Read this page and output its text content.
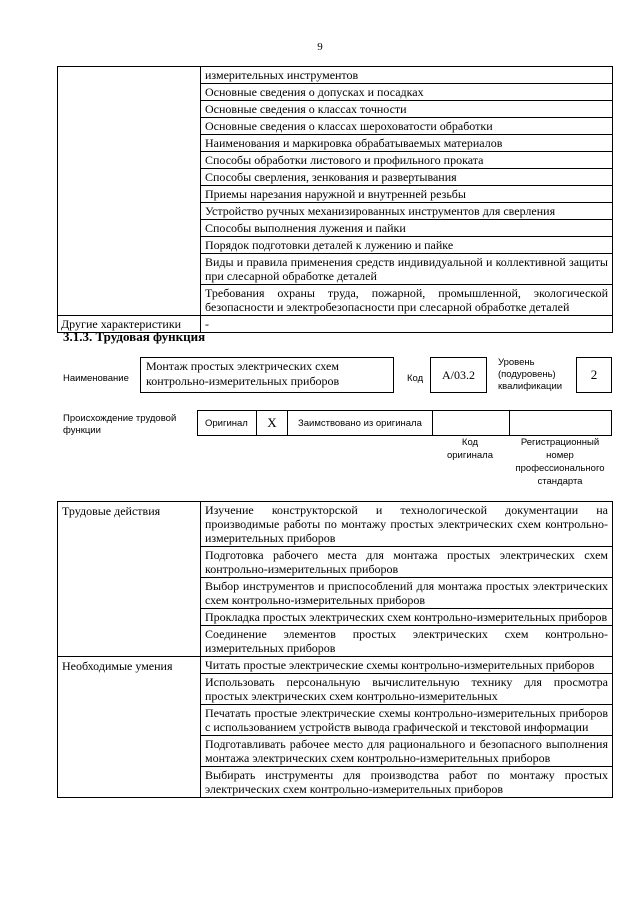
9
	измерительных инструментов
	Основные сведения о допусках и посадках
	Основные сведения о классах точности
	Основные сведения о классах шероховатости обработки
	Наименования и маркировка обрабатываемых материалов
	Способы обработки листового и профильного проката
	Способы сверления, зенкования и развертывания
	Приемы нарезания наружной и внутренней резьбы
	Устройство ручных механизированных инструментов для сверления
	Способы выполнения лужения и пайки
	Порядок подготовки деталей к лужению и пайке
	Виды и правила применения средств индивидуальной и коллективной защиты при слесарной обработке деталей
	Требования охраны труда, пожарной, промышленной, экологической безопасности и электробезопасности при слесарной обработке деталей
Другие характеристики	-
3.1.3. Трудовая функция
Наименование
Монтаж простых электрических схем контрольно-измерительных приборов	Код	A/03.2
Уровень (подуровень) квалификации
2
Происхождение трудовой функции
Оригинал	X	Заимствовано из оригинала
Код оригинала
Регистрационный номер профессионального стандарта
Трудовые действия	Изучение конструкторской и технологической документации на производимые работы по монтажу простых электрических схем контрольно-измерительных приборов
	Подготовка рабочего места для монтажа простых электрических схем контрольно-измерительных приборов
	Выбор инструментов и приспособлений для монтажа простых электрических схем контрольно-измерительных приборов
	Прокладка простых электрических схем контрольно-измерительных приборов
	Соединение элементов простых электрических схем контрольно-измерительных приборов
Необходимые умения	Читать простые электрические схемы контрольно-измерительных приборов
	Использовать персональную вычислительную технику для просмотра простых электрических схем контрольно-измерительных
	Печатать простые электрические схемы контрольно-измерительных приборов с использованием устройств вывода графической и текстовой информации
	Подготавливать рабочее место для рационального и безопасного выполнения монтажа электрических схем контрольно-измерительных приборов
	Выбирать инструменты для производства работ по монтажу простых электрических схем контрольно-измерительных приборов
